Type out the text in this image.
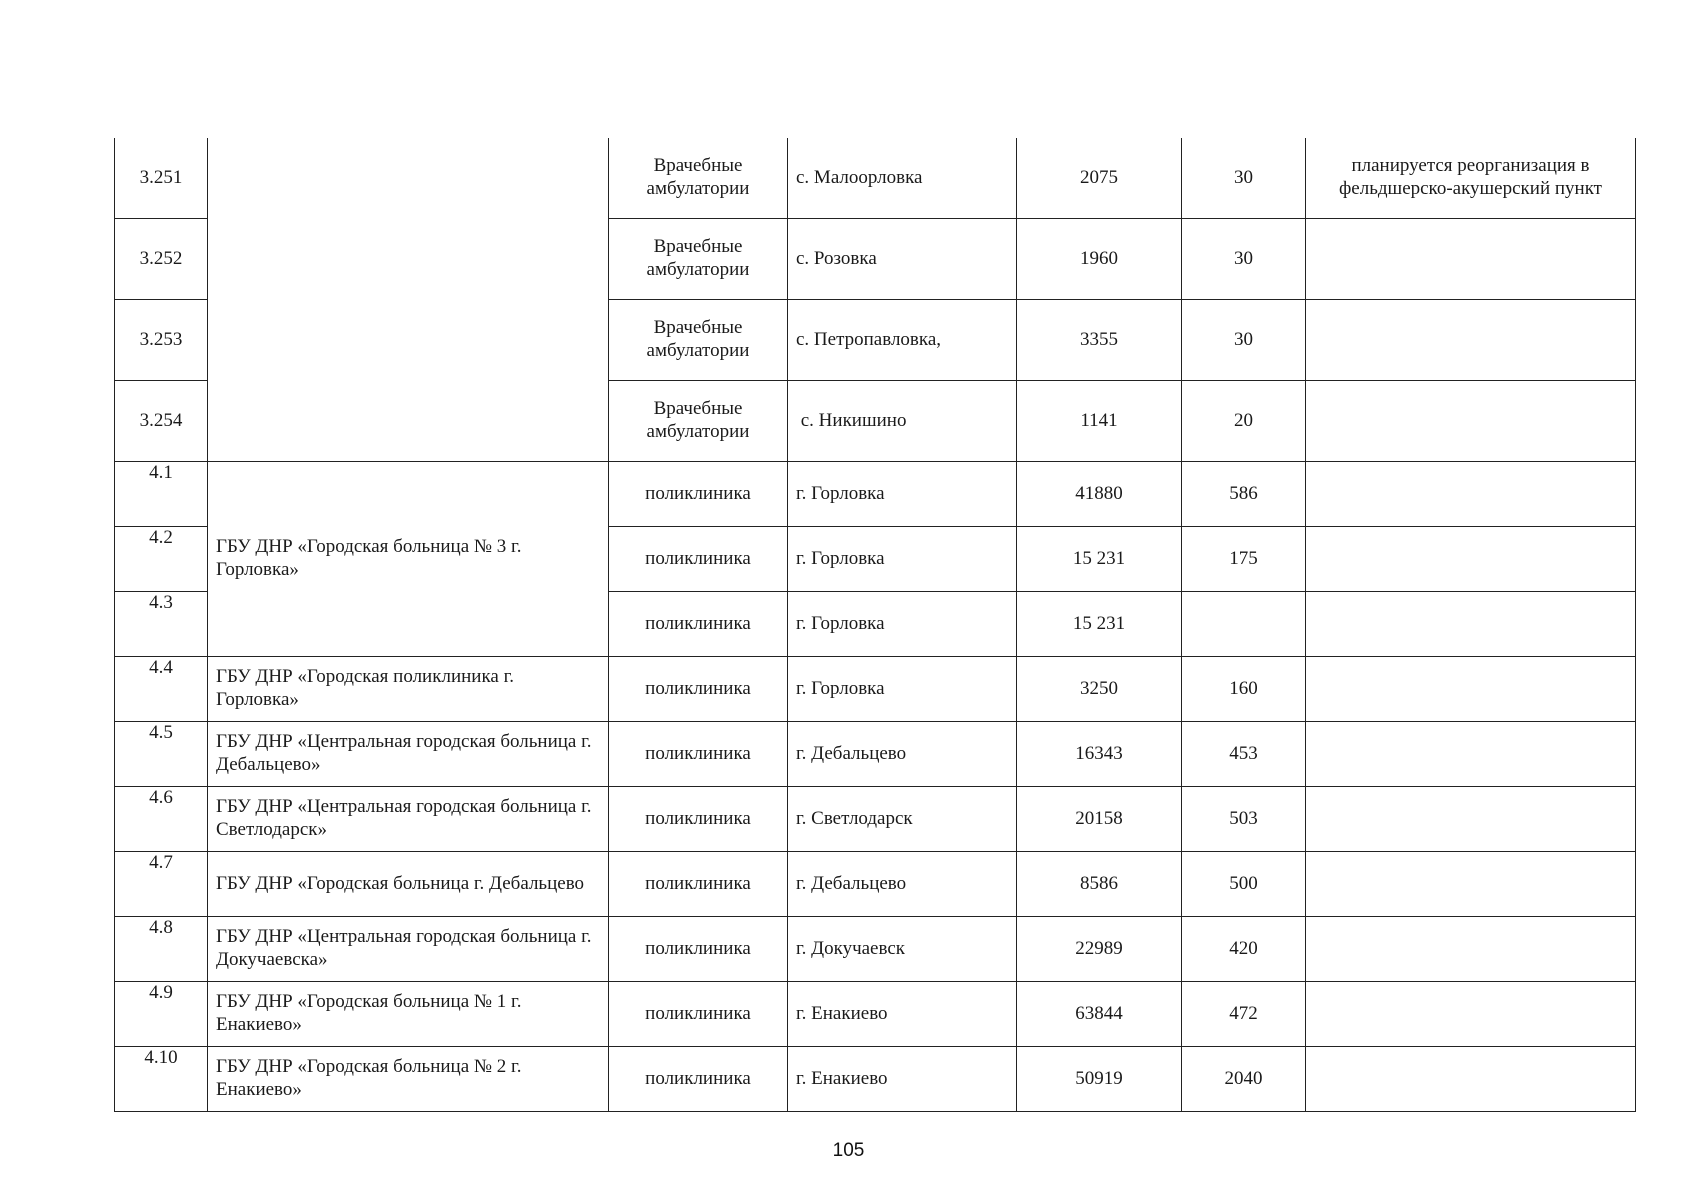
3.251		Врачебные амбулатории	с. Малоорловка	2075	30	планируется реорганизация в фельдшерско-акушерский пункт
3.252		Врачебные амбулатории	с. Розовка	1960	30	
3.253		Врачебные амбулатории	с. Петропавловка,	3355	30	
3.254		Врачебные амбулатории	с. Никишино	1141	20	
4.1	ГБУ ДНР «Городская больница № 3 г. Горловка»	поликлиника	г. Горловка	41880	586	
4.2		поликлиника	г. Горловка	15 231	175	
4.3		поликлиника	г. Горловка	15 231		
4.4	ГБУ ДНР «Городская поликлиника г. Горловка»	поликлиника	г. Горловка	3250	160	
4.5	ГБУ ДНР «Центральная городская больница г. Дебальцево»	поликлиника	г. Дебальцево	16343	453	
4.6	ГБУ ДНР «Центральная городская больница г. Светлодарск»	поликлиника	г. Светлодарск	20158	503	
4.7	ГБУ ДНР «Городская больница г. Дебальцево	поликлиника	г. Дебальцево	8586	500	
4.8	ГБУ ДНР «Центральная городская больница г. Докучаевска»	поликлиника	г. Докучаевск	22989	420	
4.9	ГБУ ДНР «Городская больница № 1 г. Енакиево»	поликлиника	г. Енакиево	63844	472	
4.10	ГБУ ДНР «Городская больница № 2 г. Енакиево»	поликлиника	г. Енакиево	50919	2040	
105
